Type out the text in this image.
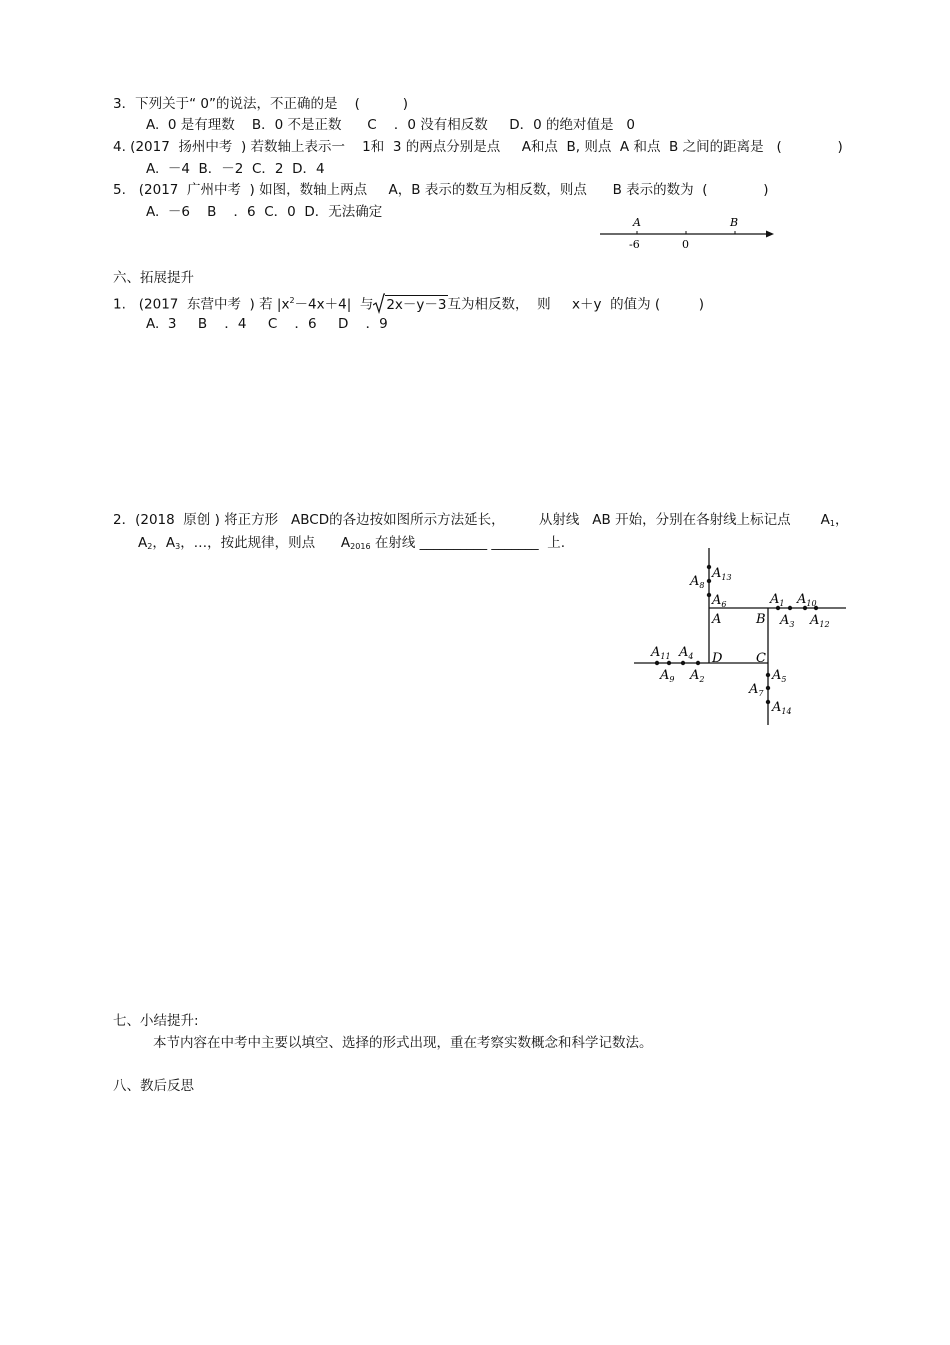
3．下列关于“ 0”的说法，不正确的是    (          )
A.  0 是有理数    B．0 不是正数      C    ．0 没有相反数     D．0 的绝对值是   0
4. (2017  扬州中考  ) 若数轴上表示一    1和  3 的两点分别是点     A和点  B, 则点  A 和点  B 之间的距离是   (             )
A.  －4  B．－2  C．2  D．4
5.   (2017  广州中考  ) 如图，数轴上两点     A，B 表示的数互为相反数，则点      B 表示的数为  (             )
A.  －6    B    ．6  C．0  D．无法确定
A	B
-6	0
六、拓展提升
1.   (2017  东营中考  ) 若 $|x^2-4x+4|$  与 2x－y－3互为相反数，  则     x＋y  的值为 (         )
A.  3     B    ．4     C    ．6     D    ．9
2．(2018  原创 ) 将正方形   ABCD的各边按如图所示方法延长，        从射线   AB 开始，分别在各射线上标记点       $A_1$，
$A_2$，$A_3$，…，按此规律，则点      $A_{2016}$ 在射线 __________ _______  上.
A	B
C
D
$A_1$
$A_3$
$A_{10}$
$A_{12}$
$A_6$
$A_8$
$A_{13}$
$A_4$
$A_{11}$
$A_9$ $A_2$	$A_5$
$A_7$
$A_{14}$
七、小结提升:
本节内容在中考中主要以填空、选择的形式出现，重在考察实数概念和科学记数法。
八、教后反思
